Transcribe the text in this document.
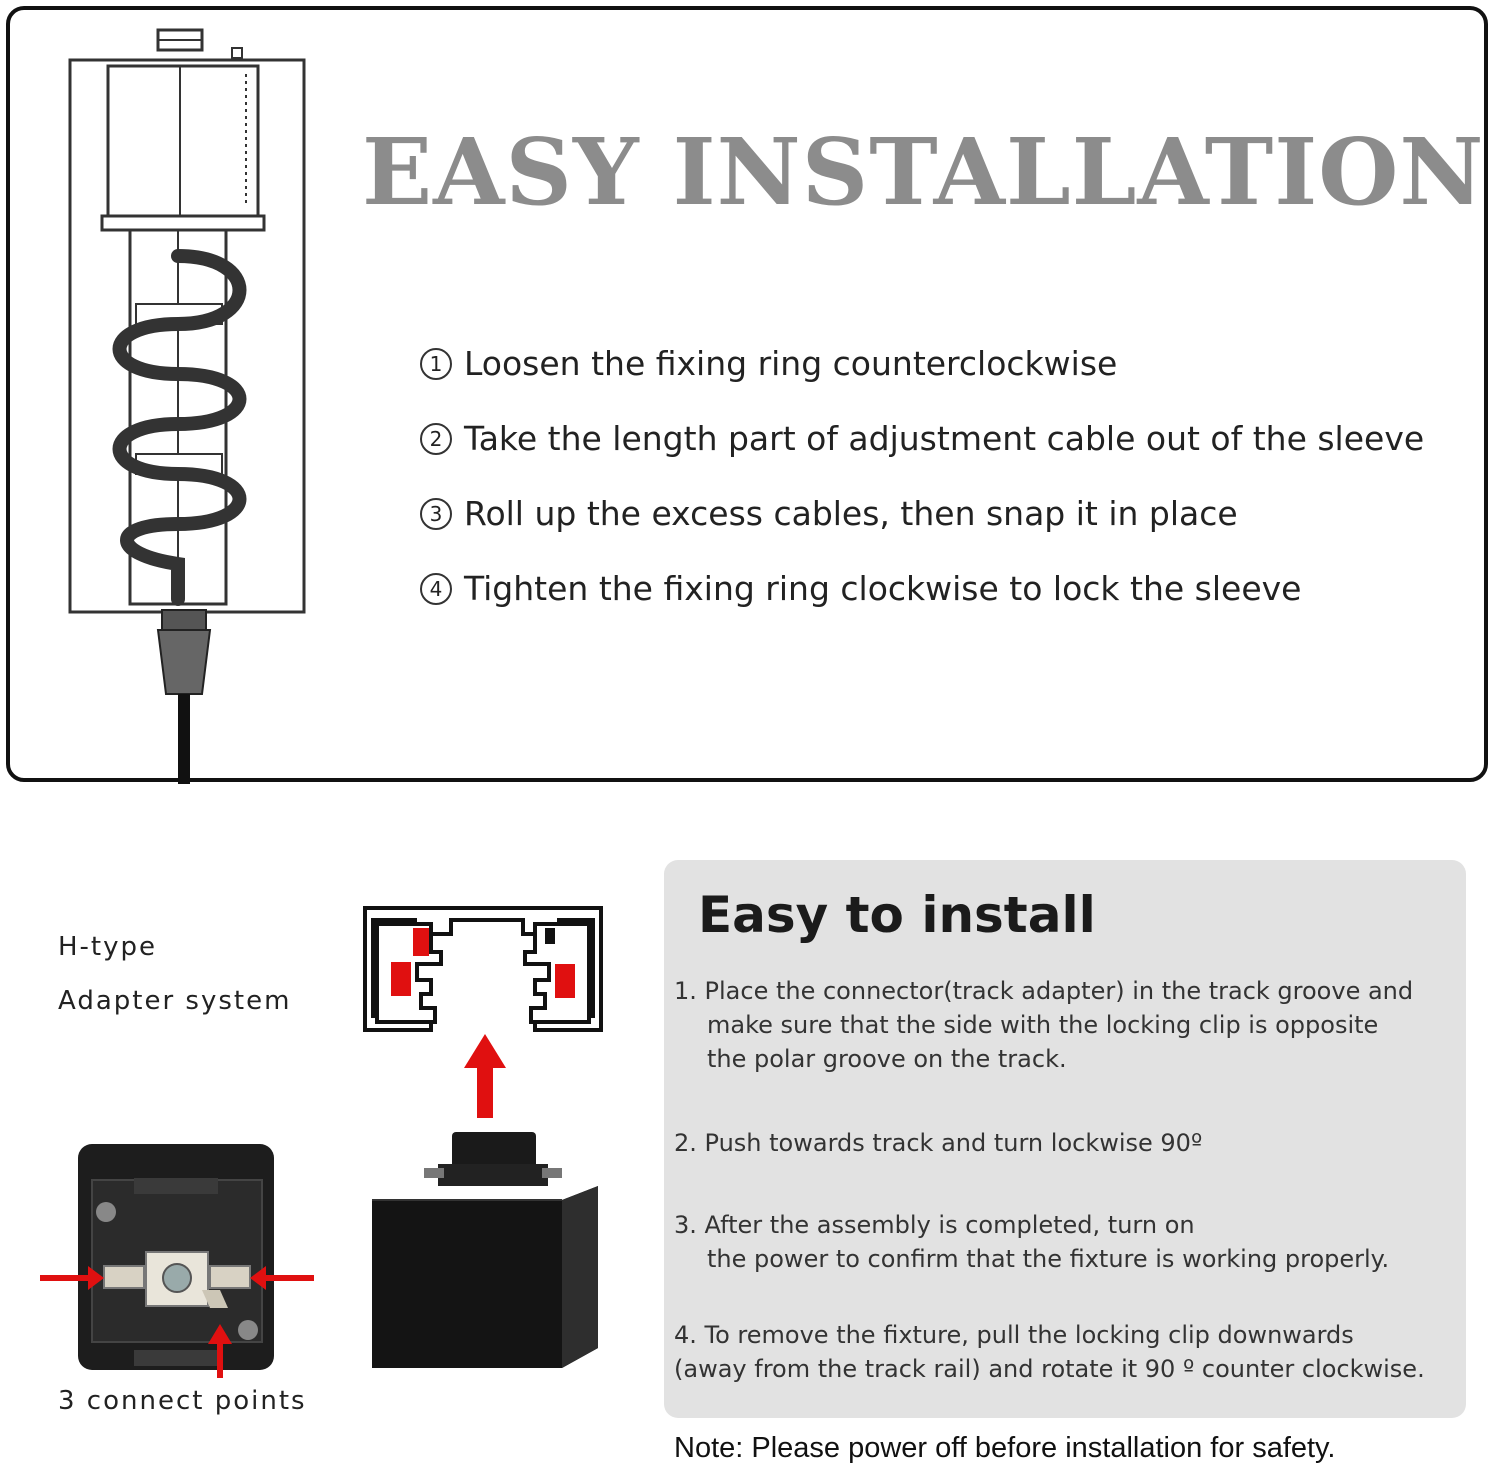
EASY INSTALLATION
1 Loosen the fixing ring counterclockwise
2 Take the length part of adjustment cable out of the sleeve
3 Roll up the excess cables, then snap it in place
4 Tighten the fixing ring clockwise to lock the sleeve
H-type
Adapter system
3 connect points
Easy to install
1. Place the connector(track adapter) in the track groove and
make sure that the side with the locking clip is opposite
the polar groove on the track.
2. Push towards track and turn lockwise 90º
3. After the assembly is completed, turn on
the power to confirm that the fixture is working properly.
4. To remove the fixture, pull the locking clip downwards
(away from the track rail) and rotate it 90 º counter clockwise.
Note: Please power off before installation for safety.
